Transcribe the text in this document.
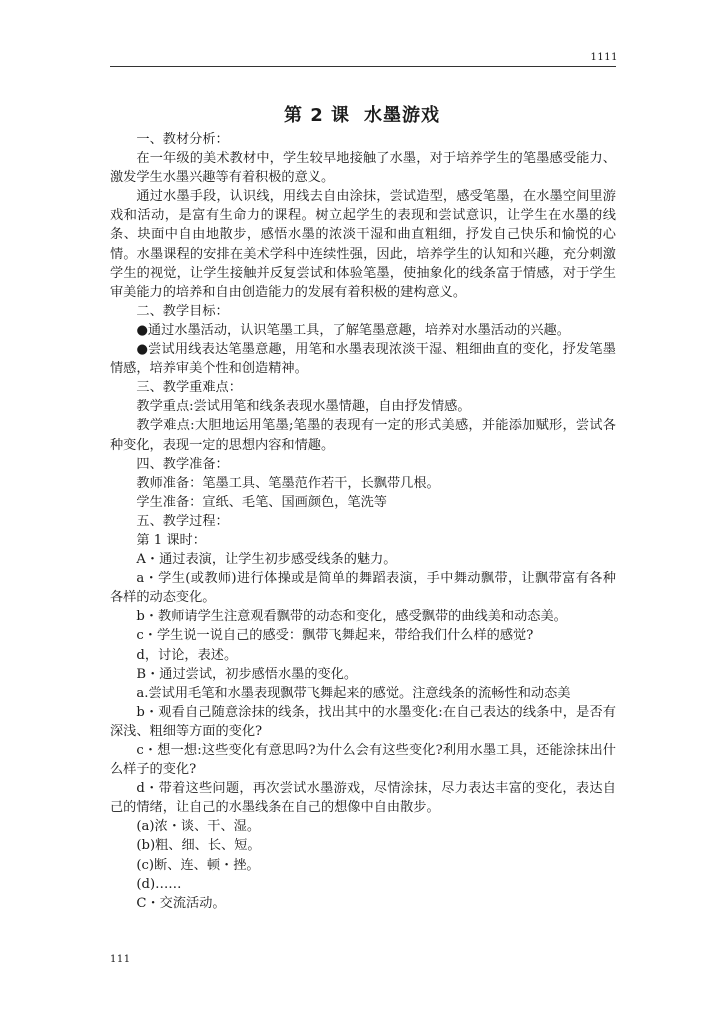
1111
第 2 课 水墨游戏

一、教材分析：

在一年级的美术教材中，学生较早地接触了水墨，对于培养学生的笔墨感受能力、激发学生水墨兴趣等有着积极的意义。

通过水墨手段，认识线，用线去自由涂抹，尝试造型，感受笔墨，在水墨空间里游戏和活动，是富有生命力的课程。树立起学生的表现和尝试意识，让学生在水墨的线条、块面中自由地散步，感悟水墨的浓淡干湿和曲直粗细，抒发自己快乐和愉悦的心情。水墨课程的安排在美术学科中连续性强，因此，培养学生的认知和兴趣，充分刺激学生的视觉，让学生接触并反复尝试和体验笔墨，使抽象化的线条富于情感，对于学生审美能力的培养和自由创造能力的发展有着积极的建构意义。

二、教学目标：

●通过水墨活动，认识笔墨工具，了解笔墨意趣，培养对水墨活动的兴趣。

●尝试用线表达笔墨意趣，用笔和水墨表现浓淡干湿、粗细曲直的变化，抒发笔墨情感，培养审美个性和创造精神。

三、教学重难点：

教学重点:尝试用笔和线条表现水墨情趣，自由抒发情感。

教学难点:大胆地运用笔墨;笔墨的表现有一定的形式美感，并能添加赋形，尝试各种变化，表现一定的思想内容和情趣。

四、教学准备：

教师准备：笔墨工具、笔墨范作若干，长飘带几根。

学生准备：宣纸、毛笔、国画颜色，笔洗等

五、教学过程：

第 1 课时：

A・通过表演，让学生初步感受线条的魅力。

a・学生(或教师)进行体操或是简单的舞蹈表演，手中舞动飘带，让飘带富有各种各样的动态变化。

b・教师请学生注意观看飘带的动态和变化，感受飘带的曲线美和动态美。

c・学生说一说自己的感受：飘带飞舞起来，带给我们什么样的感觉?

d，讨论，表述。

B・通过尝试，初步感悟水墨的变化。

a.尝试用毛笔和水墨表现飘带飞舞起来的感觉。注意线条的流畅性和动态美

b・观看自己随意涂抹的线条，找出其中的水墨变化:在自己表达的线条中，是否有深浅、粗细等方面的变化?

c・想一想:这些变化有意思吗?为什么会有这些变化?利用水墨工具，还能涂抹出什么样子的变化?

d・带着这些问题，再次尝试水墨游戏，尽情涂抹，尽力表达丰富的变化，表达自己的情绪，让自己的水墨线条在自己的想像中自由散步。

(a)浓・谈、干、湿。

(b)粗、细、长、短。

(c)断、连、顿・挫。

(d)……

C・交流活动。

111
